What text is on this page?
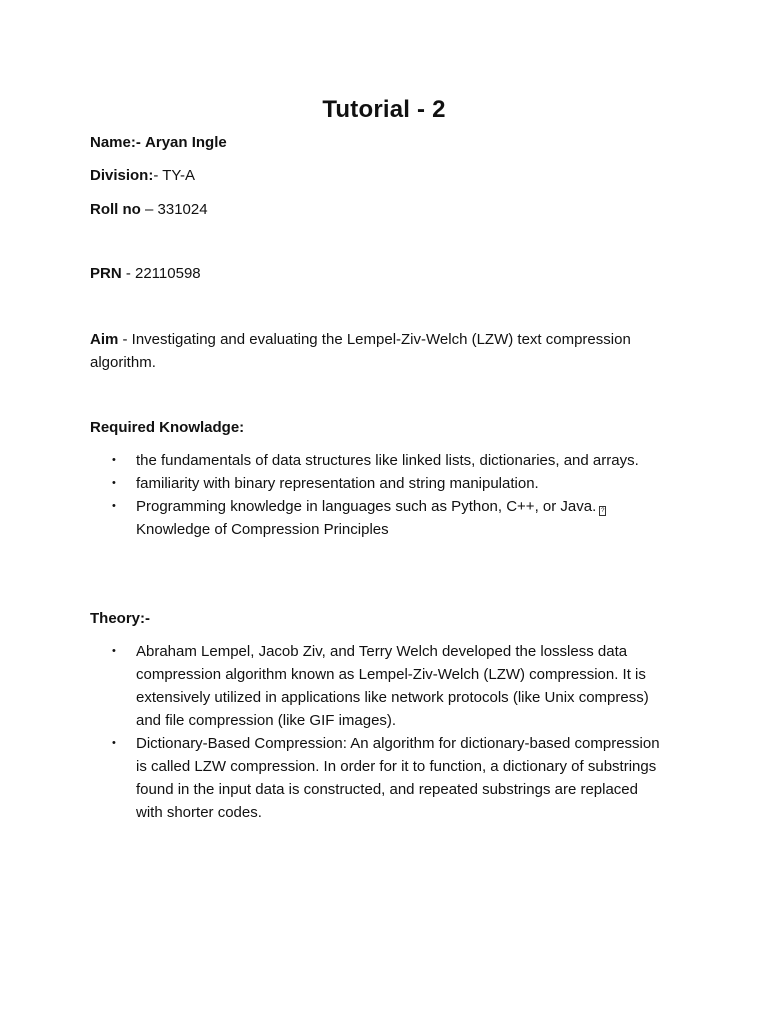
Tutorial - 2
Name:- Aryan Ingle
Division:- TY-A
Roll no – 331024
PRN - 22110598
Aim - Investigating and evaluating the Lempel-Ziv-Welch (LZW) text compression algorithm.
Required Knowladge:
• the fundamentals of data structures like linked lists, dictionaries, and arrays.
• familiarity with binary representation and string manipulation.
• Programming knowledge in languages such as Python, C++, or Java. ?
Knowledge of Compression Principles
Theory:-
• Abraham Lempel, Jacob Ziv, and Terry Welch developed the lossless data compression algorithm known as Lempel-Ziv-Welch (LZW) compression. It is extensively utilized in applications like network protocols (like Unix compress) and file compression (like GIF images).
• Dictionary-Based Compression: An algorithm for dictionary-based compression is called LZW compression. In order for it to function, a dictionary of substrings found in the input data is constructed, and repeated substrings are replaced with shorter codes.
